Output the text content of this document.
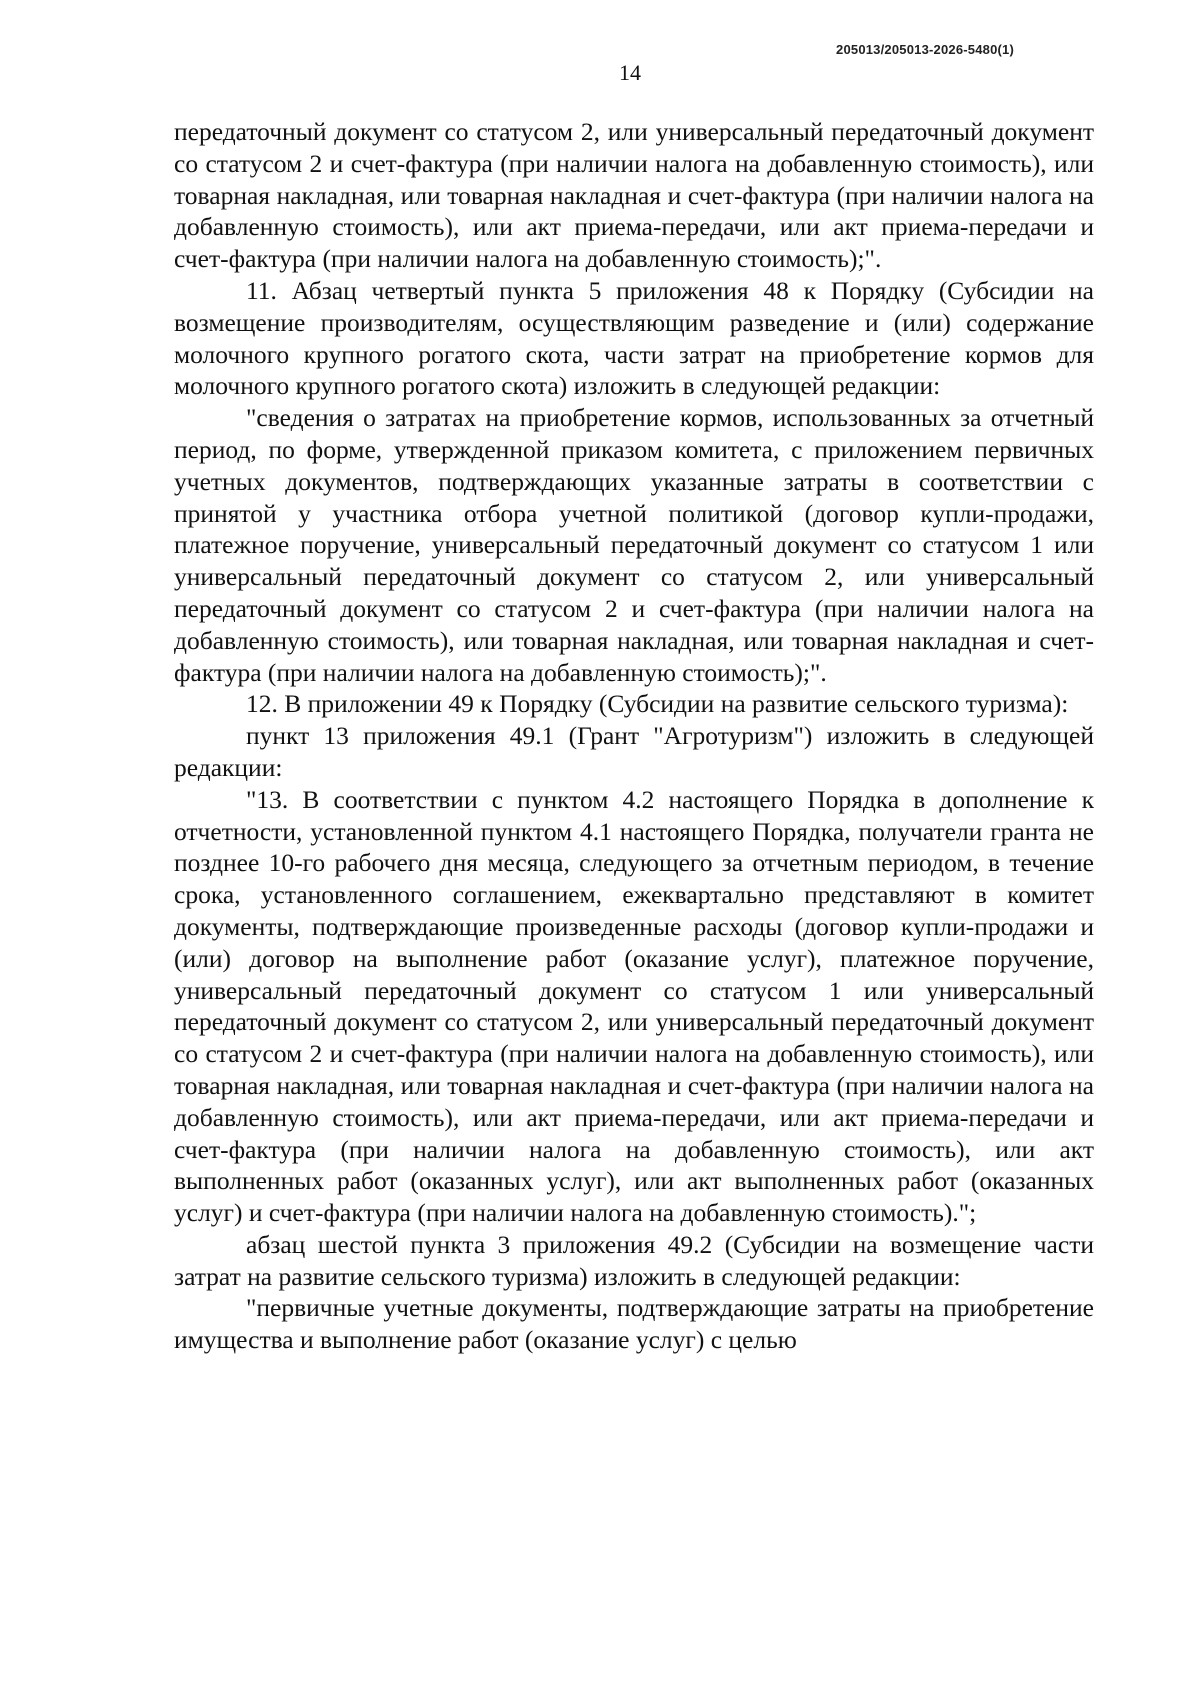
205013/205013-2026-5480(1)
14

передаточный документ со статусом 2, или универсальный передаточный документ со статусом 2 и счет-фактура (при наличии налога на добавленную стоимость), или товарная накладная, или товарная накладная и счет-фактура (при наличии налога на добавленную стоимость), или акт приема-передачи, или акт приема-передачи и счет-фактура (при наличии налога на добавленную стоимость);".

11. Абзац четвертый пункта 5 приложения 48 к Порядку (Субсидии на возмещение производителям, осуществляющим разведение и (или) содержание молочного крупного рогатого скота, части затрат на приобретение кормов для молочного крупного рогатого скота) изложить в следующей редакции:

"сведения о затратах на приобретение кормов, использованных за отчетный период, по форме, утвержденной приказом комитета, с приложением первичных учетных документов, подтверждающих указанные затраты в соответствии с принятой у участника отбора учетной политикой (договор купли-продажи, платежное поручение, универсальный передаточный документ со статусом 1 или универсальный передаточный документ со статусом 2, или универсальный передаточный документ со статусом 2 и счет-фактура (при наличии налога на добавленную стоимость), или товарная накладная, или товарная накладная и счет-фактура (при наличии налога на добавленную стоимость);".

12. В приложении 49 к Порядку (Субсидии на развитие сельского туризма):

пункт 13 приложения 49.1 (Грант "Агротуризм") изложить в следующей редакции:

"13. В соответствии с пунктом 4.2 настоящего Порядка в дополнение к отчетности, установленной пунктом 4.1 настоящего Порядка, получатели гранта не позднее 10-го рабочего дня месяца, следующего за отчетным периодом, в течение срока, установленного соглашением, ежеквартально представляют в комитет документы, подтверждающие произведенные расходы (договор купли-продажи и (или) договор на выполнение работ (оказание услуг), платежное поручение, универсальный передаточный документ со статусом 1 или универсальный передаточный документ со статусом 2, или универсальный передаточный документ со статусом 2 и счет-фактура (при наличии налога на добавленную стоимость), или товарная накладная, или товарная накладная и счет-фактура (при наличии налога на добавленную стоимость), или акт приема-передачи, или акт приема-передачи и счет-фактура (при наличии налога на добавленную стоимость), или акт выполненных работ (оказанных услуг), или акт выполненных работ (оказанных услуг) и счет-фактура (при наличии налога на добавленную стоимость).";

абзац шестой пункта 3 приложения 49.2 (Субсидии на возмещение части затрат на развитие сельского туризма) изложить в следующей редакции:

"первичные учетные документы, подтверждающие затраты на приобретение имущества и выполнение работ (оказание услуг) с целью
